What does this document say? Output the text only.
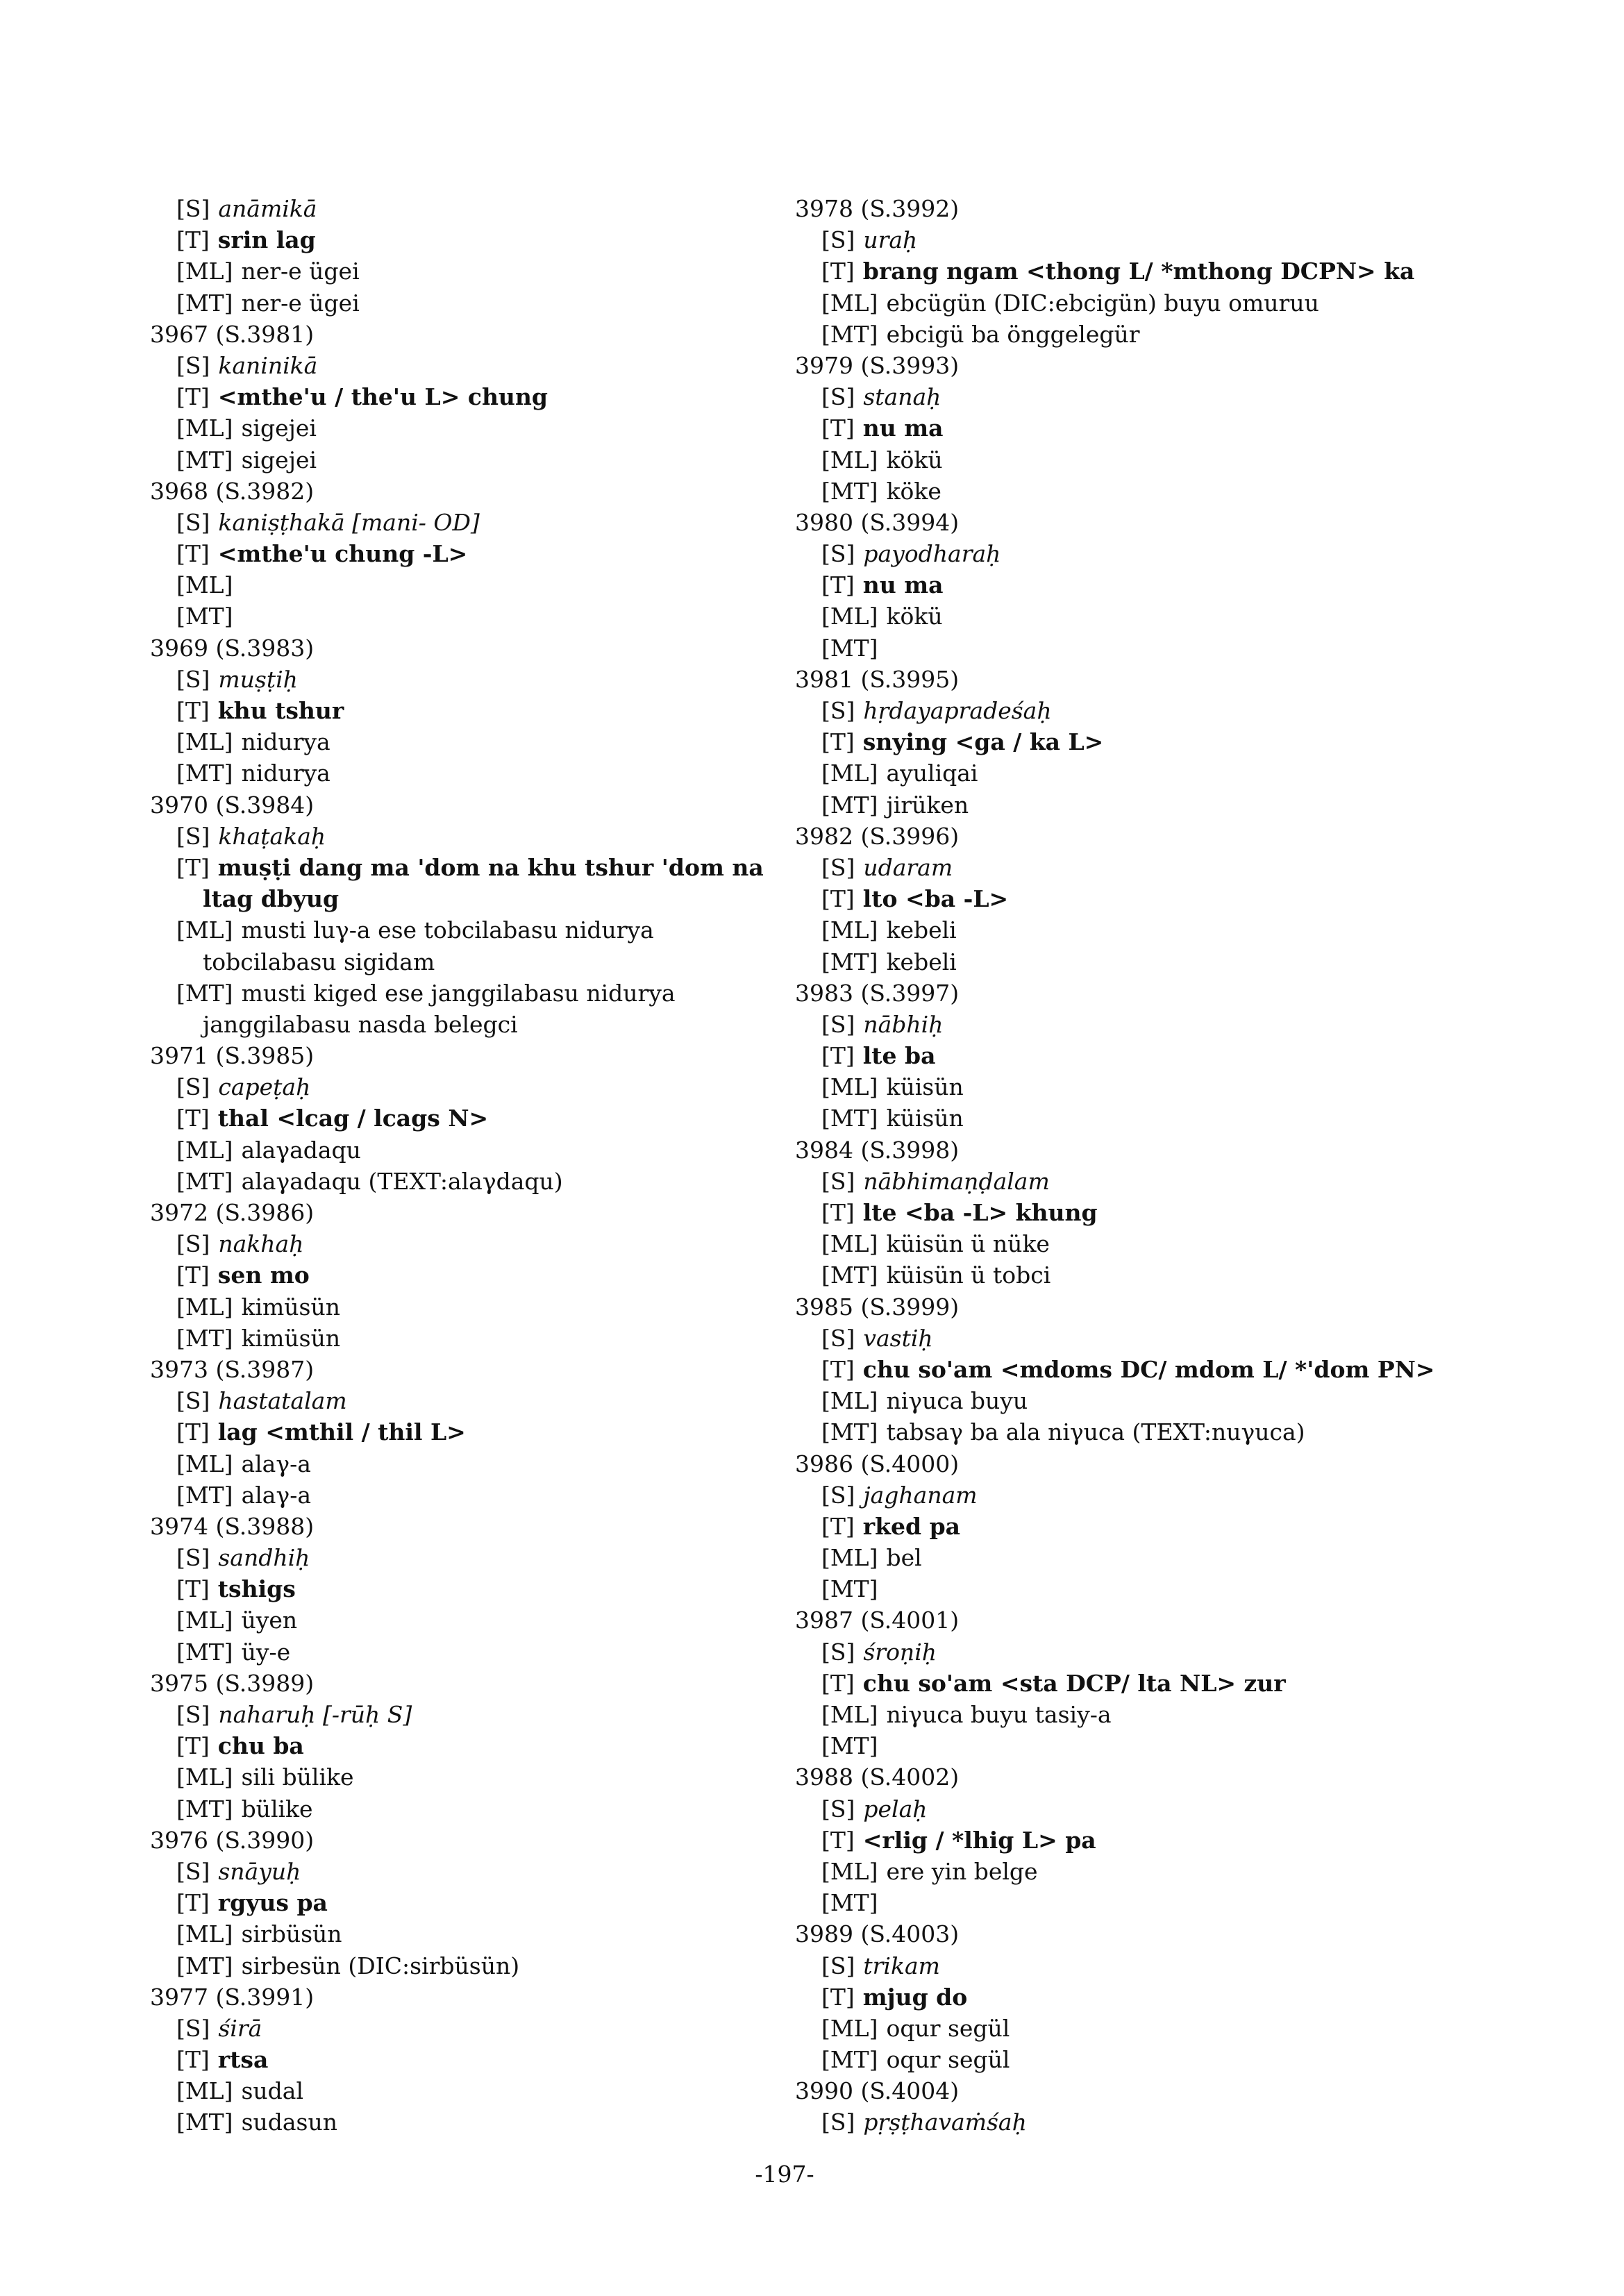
[S] anāmikā
[T] srin lag
[ML] ner-e ügei
[MT] ner-e ügei
3967 (S.3981)
[S] kaninikā
[T] <mthe'u / the'u L> chung
[ML] sigejei
[MT] sigejei
3968 (S.3982)
[S] kaniṣṭhakā [mani- OD]
[T] <mthe'u chung -L>
[ML]
[MT]
3969 (S.3983)
[S] muṣṭiḥ
[T] khu tshur
[ML] niduryа
[MT] niduryа
3970 (S.3984)
[S] khaṭakaḥ
[T] muṣṭi dang ma 'dom na khu tshur 'dom na
ltag dbyug
[ML] musti luγ-a ese tobcilabasu niduryа
tobcilabasu sigidam
[MT] musti kiged ese janggilabasu niduryа
janggilabasu nasda belegci
3971 (S.3985)
[S] capeṭaḥ
[T] thal <lcag / lcags N>
[ML] alaγadaqu
[MT] alaγadaqu (TEXT:alaγdaqu)
3972 (S.3986)
[S] nakhaḥ
[T] sen mo
[ML] kimüsün
[MT] kimüsün
3973 (S.3987)
[S] hastatalam
[T] lag <mthil / thil L>
[ML] alaγ-a
[MT] alaγ-a
3974 (S.3988)
[S] sandhiḥ
[T] tshigs
[ML] üyen
[MT] üy-e
3975 (S.3989)
[S] naharuḥ [-rūḥ S]
[T] chu ba
[ML] sili bülike
[MT] bülike
3976 (S.3990)
[S] snāyuḥ
[T] rgyus pa
[ML] sirbüsün
[MT] sirbesün (DIC:sirbüsün)
3977 (S.3991)
[S] śirā
[T] rtsa
[ML] sudal
[MT] sudasun
3978 (S.3992)
[S] uraḥ
[T] brang ngam <thong L/ *mthong DCPN> ka
[ML] ebcügün (DIC:ebcigün) buyu omuruu
[MT] ebcigü ba önggelegür
3979 (S.3993)
[S] stanaḥ
[T] nu ma
[ML] kökü
[MT] köke
3980 (S.3994)
[S] payodharaḥ
[T] nu ma
[ML] kökü
[MT]
3981 (S.3995)
[S] hṛdayapradeśaḥ
[T] snying <ga / ka L>
[ML] ayuliqai
[MT] jirüken
3982 (S.3996)
[S] udaram
[T] lto <ba -L>
[ML] kebeli
[MT] kebeli
3983 (S.3997)
[S] nābhiḥ
[T] lte ba
[ML] küisün
[MT] küisün
3984 (S.3998)
[S] nābhimaṇḍalam
[T] lte <ba -L> khung
[ML] küisün ü nüke
[MT] küisün ü tobci
3985 (S.3999)
[S] vastiḥ
[T] chu so'am <mdoms DC/ mdom L/ *'dom PN>
[ML] niγuca buyu
[MT] tabsaγ ba ala niγuca (TEXT:nuγuca)
3986 (S.4000)
[S] jaghanam
[T] rked pa
[ML] bel
[MT]
3987 (S.4001)
[S] śroṇiḥ
[T] chu so'am <sta DCP/ lta NL> zur
[ML] niγuca buyu tasiy-a
[MT]
3988 (S.4002)
[S] pelaḥ
[T] <rlig / *lhig L> pa
[ML] ere yin belge
[MT]
3989 (S.4003)
[S] trikam
[T] mjug do
[ML] oqur segül
[MT] oqur segül
3990 (S.4004)
[S] pṛṣṭhavaṁśaḥ
-197-
